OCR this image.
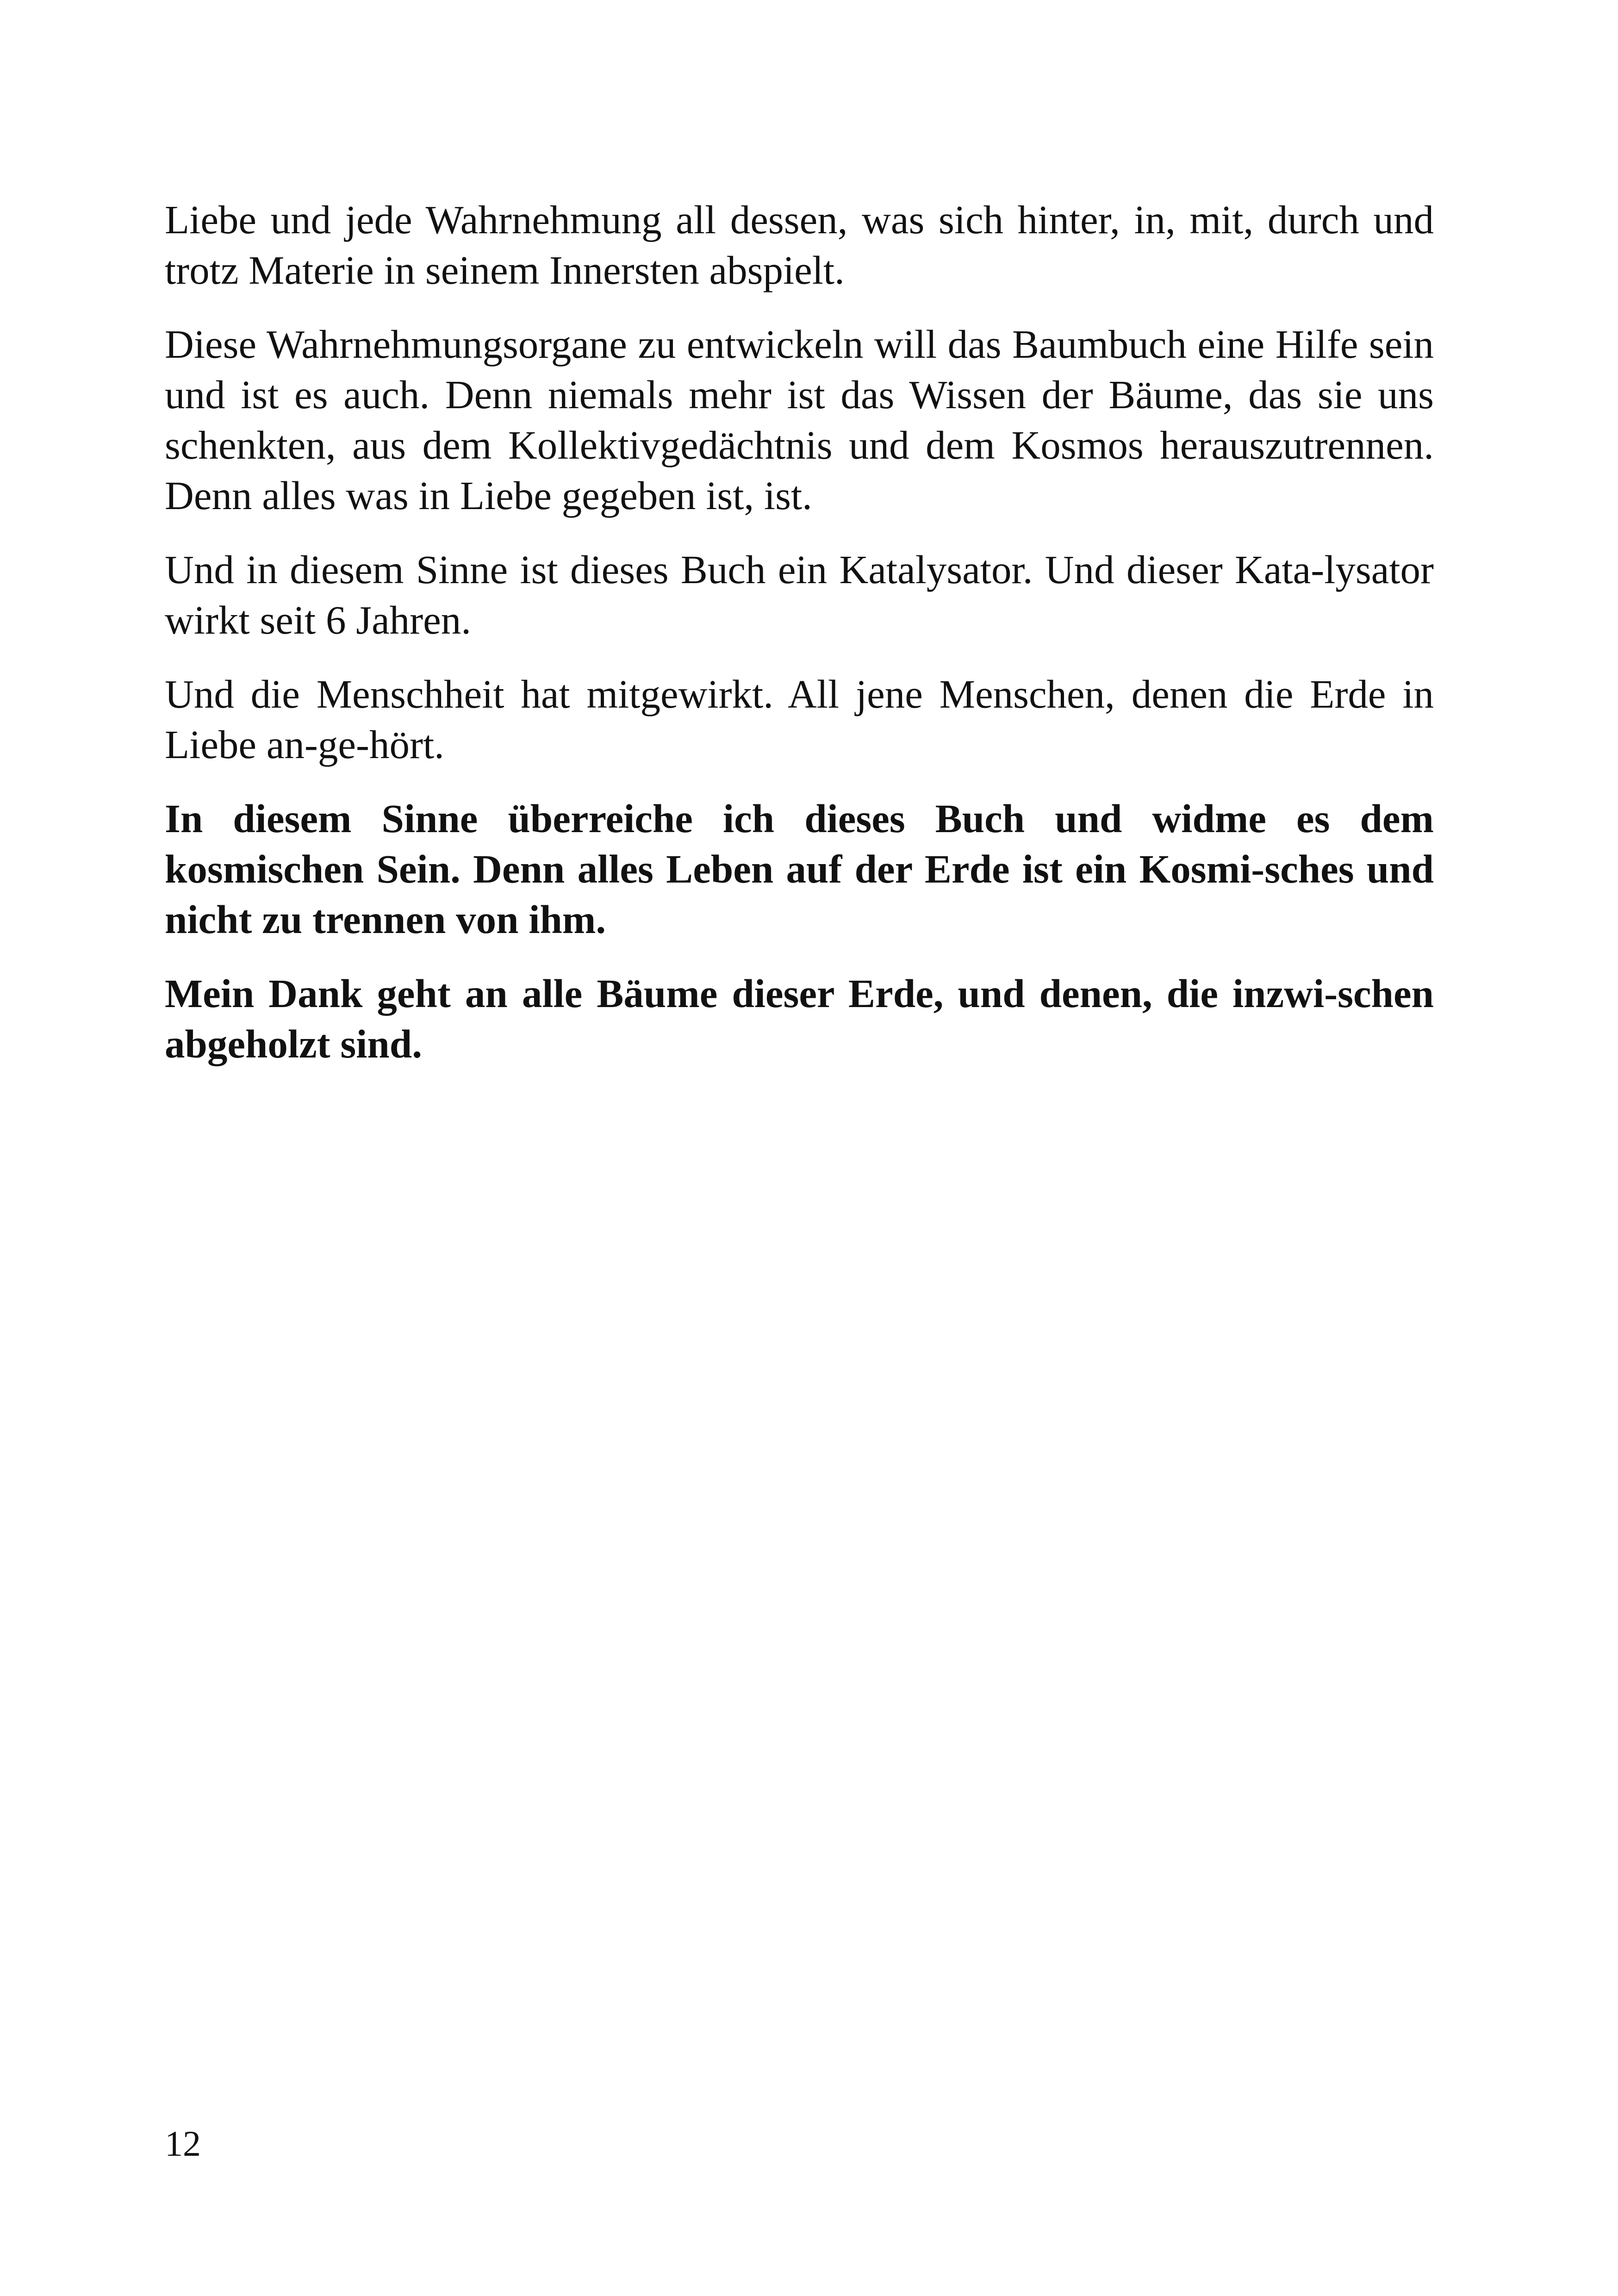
Liebe und jede Wahrnehmung all dessen, was sich hinter, in, mit, durch und trotz Materie in seinem Innersten abspielt.

Diese Wahrnehmungsorgane zu entwickeln will das Baumbuch eine Hilfe sein und ist es auch. Denn niemals mehr ist das Wissen der Bäume, das sie uns schenkten, aus dem Kollektivgedächtnis und dem Kosmos herauszutrennen. Denn alles was in Liebe gegeben ist, ist.

Und in diesem Sinne ist dieses Buch ein Katalysator. Und dieser Kata-lysator wirkt seit 6 Jahren.

Und die Menschheit hat mitgewirkt. All jene Menschen, denen die Erde in Liebe an-ge-hört.

In diesem Sinne überreiche ich dieses Buch und widme es dem kosmischen Sein. Denn alles Leben auf der Erde ist ein Kosmi-sches und nicht zu trennen von ihm.

Mein Dank geht an alle Bäume dieser Erde, und denen, die inzwi-schen abgeholzt sind.

12
